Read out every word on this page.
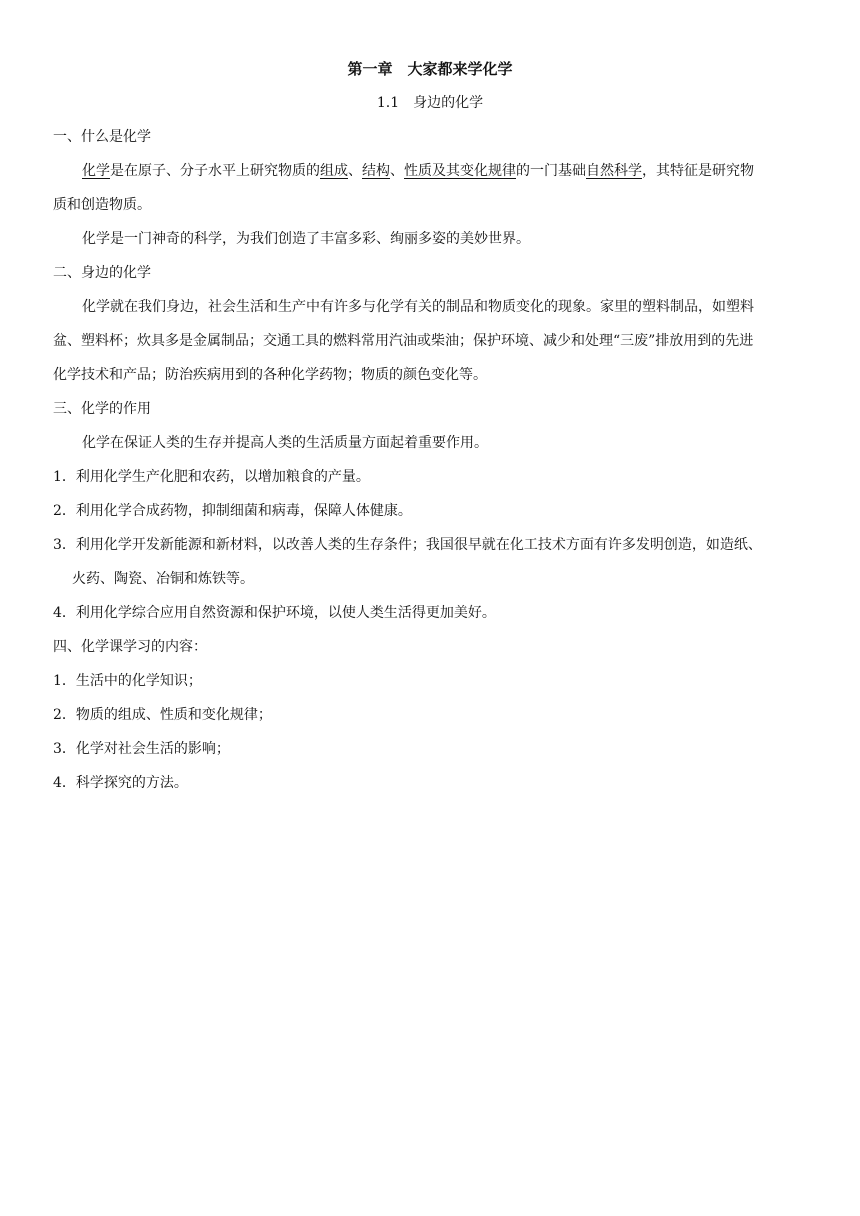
第一章　大家都来学化学
1.1　身边的化学
一、什么是化学
化学是在原子、分子水平上研究物质的组成、结构、性质及其变化规律的一门基础自然科学，其特征是研究物
质和创造物质。
化学是一门神奇的科学，为我们创造了丰富多彩、绚丽多姿的美妙世界。
二、身边的化学
化学就在我们身边，社会生活和生产中有许多与化学有关的制品和物质变化的现象。家里的塑料制品，如塑料
盆、塑料杯；炊具多是金属制品；交通工具的燃料常用汽油或柴油；保护环境、减少和处理“三废”排放用到的先进
化学技术和产品；防治疾病用到的各种化学药物；物质的颜色变化等。
三、化学的作用
化学在保证人类的生存并提高人类的生活质量方面起着重要作用。
1．利用化学生产化肥和农药，以增加粮食的产量。
2．利用化学合成药物，抑制细菌和病毒，保障人体健康。
3．利用化学开发新能源和新材料，以改善人类的生存条件；我国很早就在化工技术方面有许多发明创造，如造纸、
火药、陶瓷、冶铜和炼铁等。
4．利用化学综合应用自然资源和保护环境，以使人类生活得更加美好。
四、化学课学习的内容：
1．生活中的化学知识；
2．物质的组成、性质和变化规律；
3．化学对社会生活的影响；
4．科学探究的方法。
